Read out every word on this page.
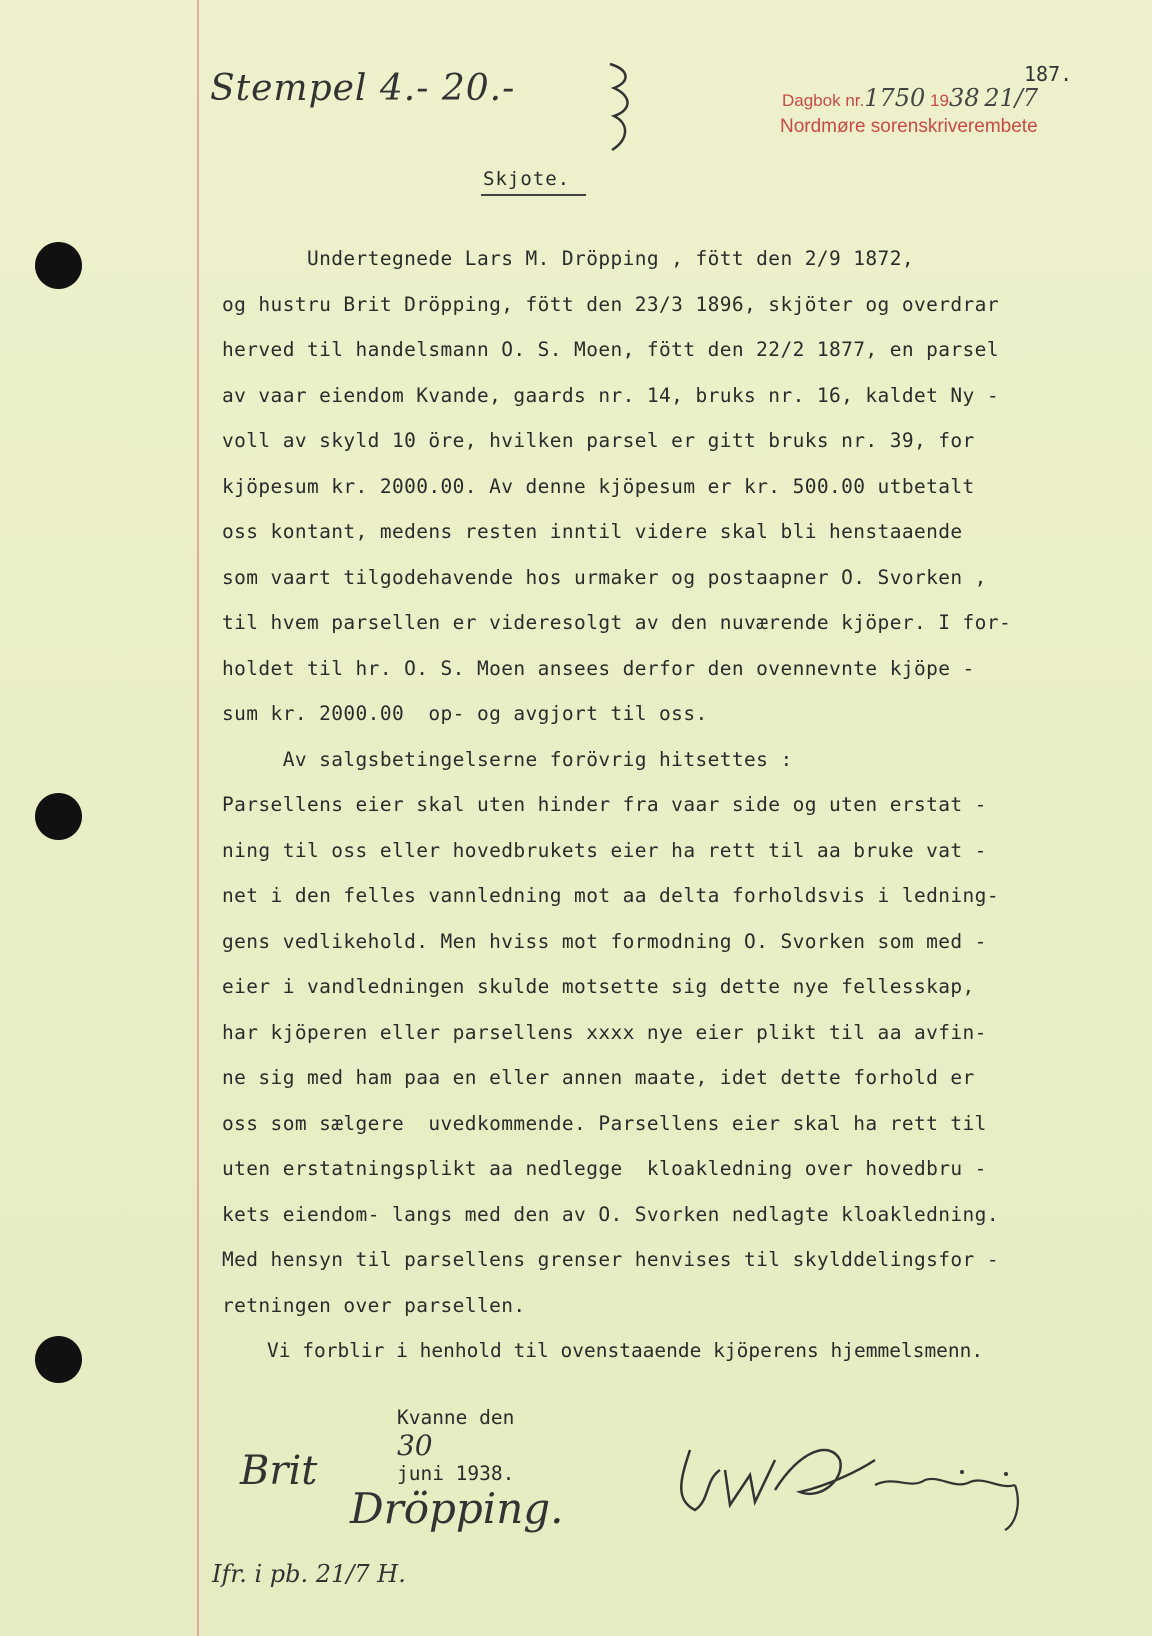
Stempel 4.- 20.-	Dagbok nr.1750 1938 21/7
Nordmøre sorenskriverembete
187.
Skjote.
Undertegnede Lars M. Dröpping , fött den 2/9 1872,
og hustru Brit Dröpping, fött den 23/3 1896, skjöter og overdrar
herved til handelsmann O. S. Moen, fött den 22/2 1877, en parsel
av vaar eiendom Kvande, gaards nr. 14, bruks nr. 16, kaldet Ny -
voll av skyld 10 öre, hvilken parsel er gitt bruks nr. 39, for
kjöpesum kr. 2000.00. Av denne kjöpesum er kr. 500.00 utbetalt
oss kontant, medens resten inntil videre skal bli henstaaende
som vaart tilgodehavende hos urmaker og postaapner O. Svorken ,
til hvem parsellen er videresolgt av den nuværende kjöper. I for-
holdet til hr. O. S. Moen ansees derfor den ovennevnte kjöpe -
sum kr. 2000.00  op- og avgjort til oss.
Av salgsbetingelserne forövrig hitsettes :
Parsellens eier skal uten hinder fra vaar side og uten erstat -
ning til oss eller hovedbrukets eier ha rett til aa bruke vat -
net i den felles vannledning mot aa delta forholdsvis i ledning-
gens vedlikehold. Men hviss mot formodning O. Svorken som med -
eier i vandledningen skulde motsette sig dette nye fellesskap,
har kjöperen eller parsellens xxxx nye eier plikt til aa avfin-
ne sig med ham paa en eller annen maate, idet dette forhold er
oss som sælgere  uvedkommende. Parsellens eier skal ha rett til
uten erstatningsplikt aa nedlegge  kloakledning over hovedbru -
kets eiendom- langs med den av O. Svorken nedlagte kloakledning.
Med hensyn til parsellens grenser henvises til skylddelingsfor -
retningen over parsellen.
Vi forblir i henhold til ovenstaaende kjöperens hjemmelsmenn.

Kvanne den
30
juni 1938.

Brit
Dröpping.
Ifr. i pb. 21/7 H.
